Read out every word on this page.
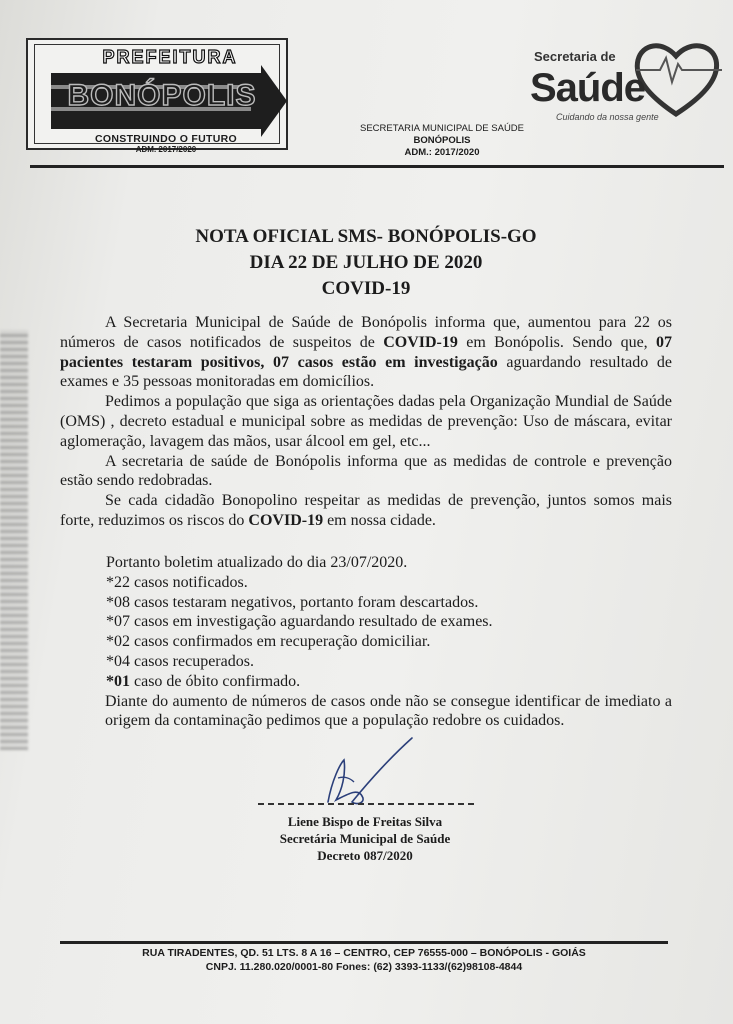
PREFEITURA
BONÓPOLIS
CONSTRUINDO O FUTURO
ADM. 2017/2020
SECRETARIA MUNICIPAL DE SAÚDE
BONÓPOLIS
ADM.: 2017/2020
Secretaria de
Saúde
Cuidando da nossa gente
NOTA OFICIAL SMS- BONÓPOLIS-GO
DIA 22 DE JULHO DE 2020
COVID-19

A Secretaria Municipal de Saúde de Bonópolis informa que, aumentou para 22 os números de casos notificados de suspeitos de COVID-19 em Bonópolis. Sendo que, 07 pacientes testaram positivos, 07 casos estão em investigação aguardando resultado de exames e 35 pessoas monitoradas em domicílios.

Pedimos a população que siga as orientações dadas pela Organização Mundial de Saúde (OMS) , decreto estadual e municipal sobre as medidas de prevenção: Uso de máscara, evitar aglomeração, lavagem das mãos, usar álcool em gel, etc...

A secretaria de saúde de Bonópolis informa que as medidas de controle e prevenção estão sendo redobradas.

Se cada cidadão Bonopolino respeitar as medidas de prevenção, juntos somos mais forte, reduzimos os riscos do COVID-19 em nossa cidade.

Portanto boletim atualizado do dia 23/07/2020.
*22 casos notificados.
*08 casos testaram negativos, portanto foram descartados.
*07 casos em investigação aguardando resultado de exames.
*02 casos confirmados em recuperação domiciliar.
*04 casos recuperados.
*01 caso de óbito confirmado.
Diante do aumento de números de casos onde não se consegue identificar de imediato a origem da contaminação pedimos que a população redobre os cuidados.
Liene Bispo de Freitas Silva
Secretária Municipal de Saúde
Decreto 087/2020
RUA TIRADENTES, QD. 51 LTS. 8 A 16 – CENTRO, CEP 76555-000 – BONÓPOLIS - GOIÁS
CNPJ. 11.280.020/0001-80 Fones: (62) 3393-1133/(62)98108-4844
